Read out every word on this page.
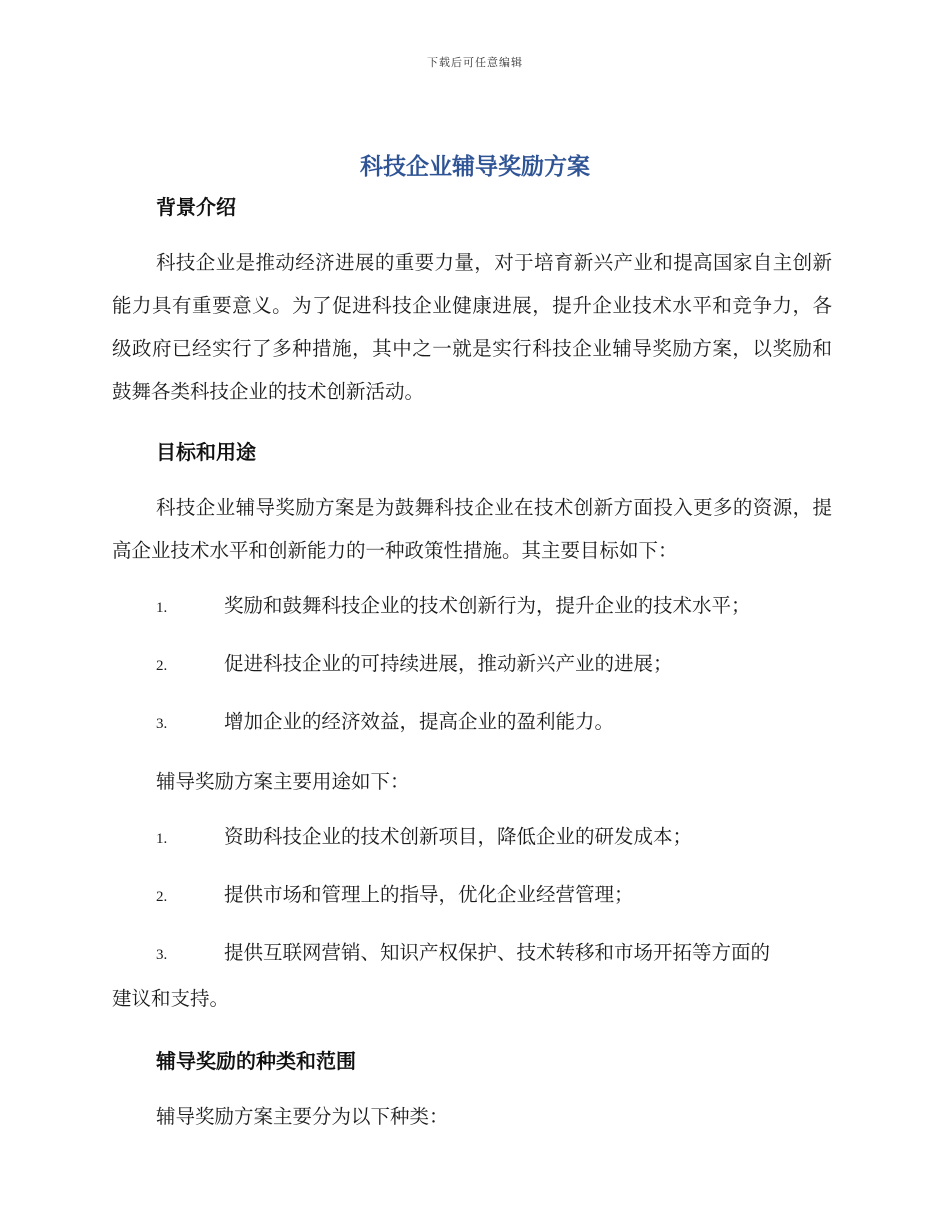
下载后可任意编辑
科技企业辅导奖励方案
背景介绍

科技企业是推动经济进展的重要力量，对于培育新兴产业和提高国家自主创新能力具有重要意义。为了促进科技企业健康进展，提升企业技术水平和竞争力，各级政府已经实行了多种措施，其中之一就是实行科技企业辅导奖励方案，以奖励和鼓舞各类科技企业的技术创新活动。

目标和用途

科技企业辅导奖励方案是为鼓舞科技企业在技术创新方面投入更多的资源，提高企业技术水平和创新能力的一种政策性措施。其主要目标如下：

1.	奖励和鼓舞科技企业的技术创新行为，提升企业的技术水平；
2.	促进科技企业的可持续进展，推动新兴产业的进展；
3.	增加企业的经济效益，提高企业的盈利能力。

辅导奖励方案主要用途如下：

1.	资助科技企业的技术创新项目，降低企业的研发成本；
2.	提供市场和管理上的指导，优化企业经营管理；
3.	提供互联网营销、知识产权保护、技术转移和市场开拓等方面的
建议和支持。
辅导奖励的种类和范围

辅导奖励方案主要分为以下种类：
